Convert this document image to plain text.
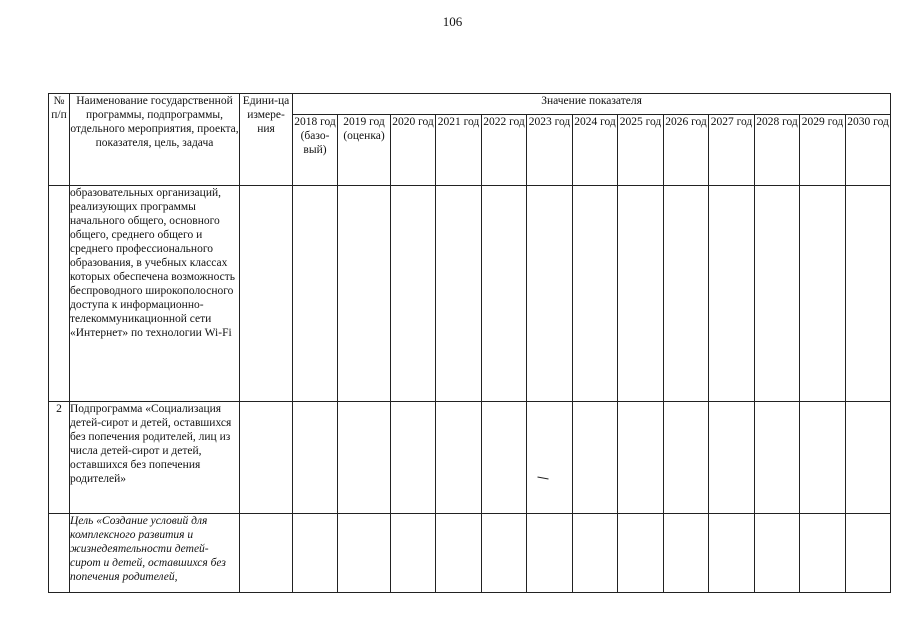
106
№ п/п	Наименование государственной программы, подпрограммы, отдельного мероприятия, проекта, показателя, цель, задача	Едини-ца измере-ния	Значение показателя												
			2018 год (базо-вый)	2019 год (оценка)	2020 год	2021 год	2022 год	2023 год	2024 год	2025 год	2026 год	2027 год	2028 год	2029 год	2030 год
	образовательных организаций, реализующих программы начального общего, основного общего, среднего общего и среднего профессионального образования, в учебных классах которых обеспечена возможность беспроводного широкополосного доступа к информационно-телекоммуникационной сети «Интернет» по технологии Wi-Fi														
2	Подпрограмма «Социализация детей-сирот и детей, оставшихся без попечения родителей, лиц из числа детей-сирот и детей, оставшихся без попечения родителей»														
	Цель «Создание условий для комплексного развития и жизнедеятельности детей-сирот и детей, оставшихся без попечения родителей,														
